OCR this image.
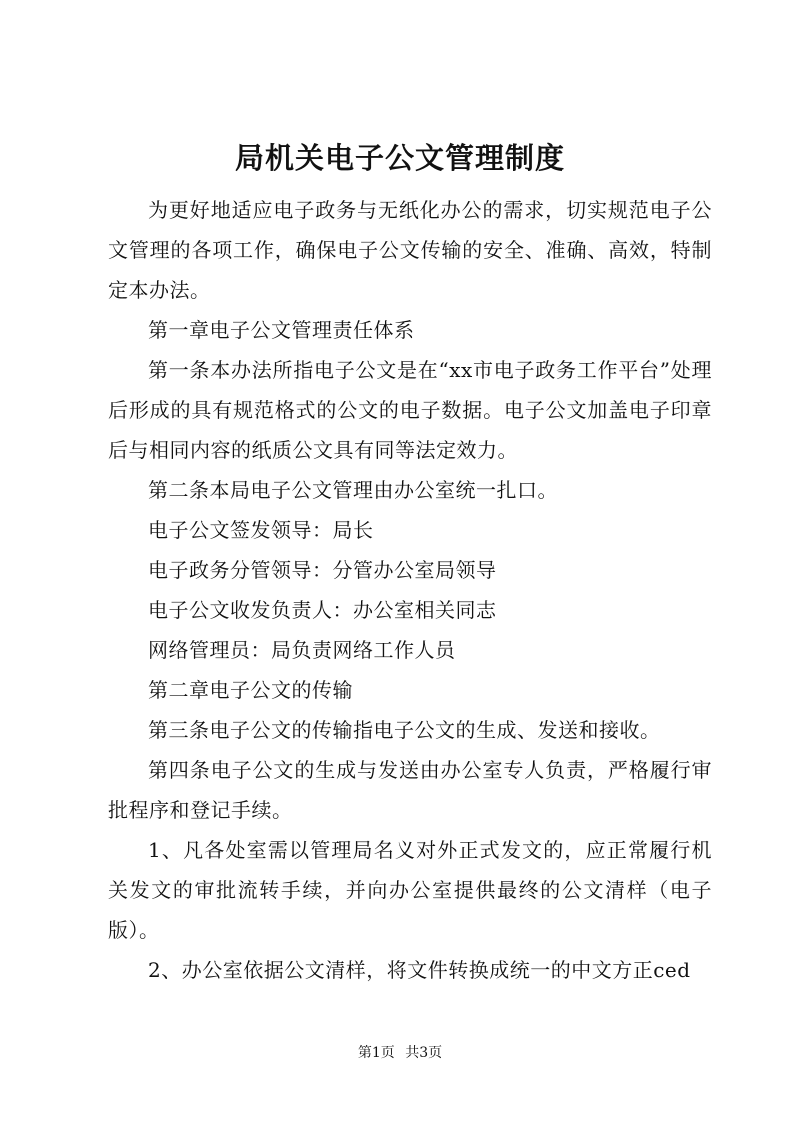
局机关电子公文管理制度

为更好地适应电子政务与无纸化办公的需求，切实规范电子公文管理的各项工作，确保电子公文传输的安全、准确、高效，特制定本办法。

第一章电子公文管理责任体系

第一条本办法所指电子公文是在“xx市电子政务工作平台”处理后形成的具有规范格式的公文的电子数据。电子公文加盖电子印章后与相同内容的纸质公文具有同等法定效力。

第二条本局电子公文管理由办公室统一扎口。

电子公文签发领导：局长

电子政务分管领导：分管办公室局领导

电子公文收发负责人：办公室相关同志

网络管理员：局负责网络工作人员

第二章电子公文的传输

第三条电子公文的传输指电子公文的生成、发送和接收。

第四条电子公文的生成与发送由办公室专人负责，严格履行审批程序和登记手续。

1、凡各处室需以管理局名义对外正式发文的，应正常履行机关发文的审批流转手续，并向办公室提供最终的公文清样（电子版）。

2、办公室依据公文清样，将文件转换成统一的中文方正ced

第1页 共3页
